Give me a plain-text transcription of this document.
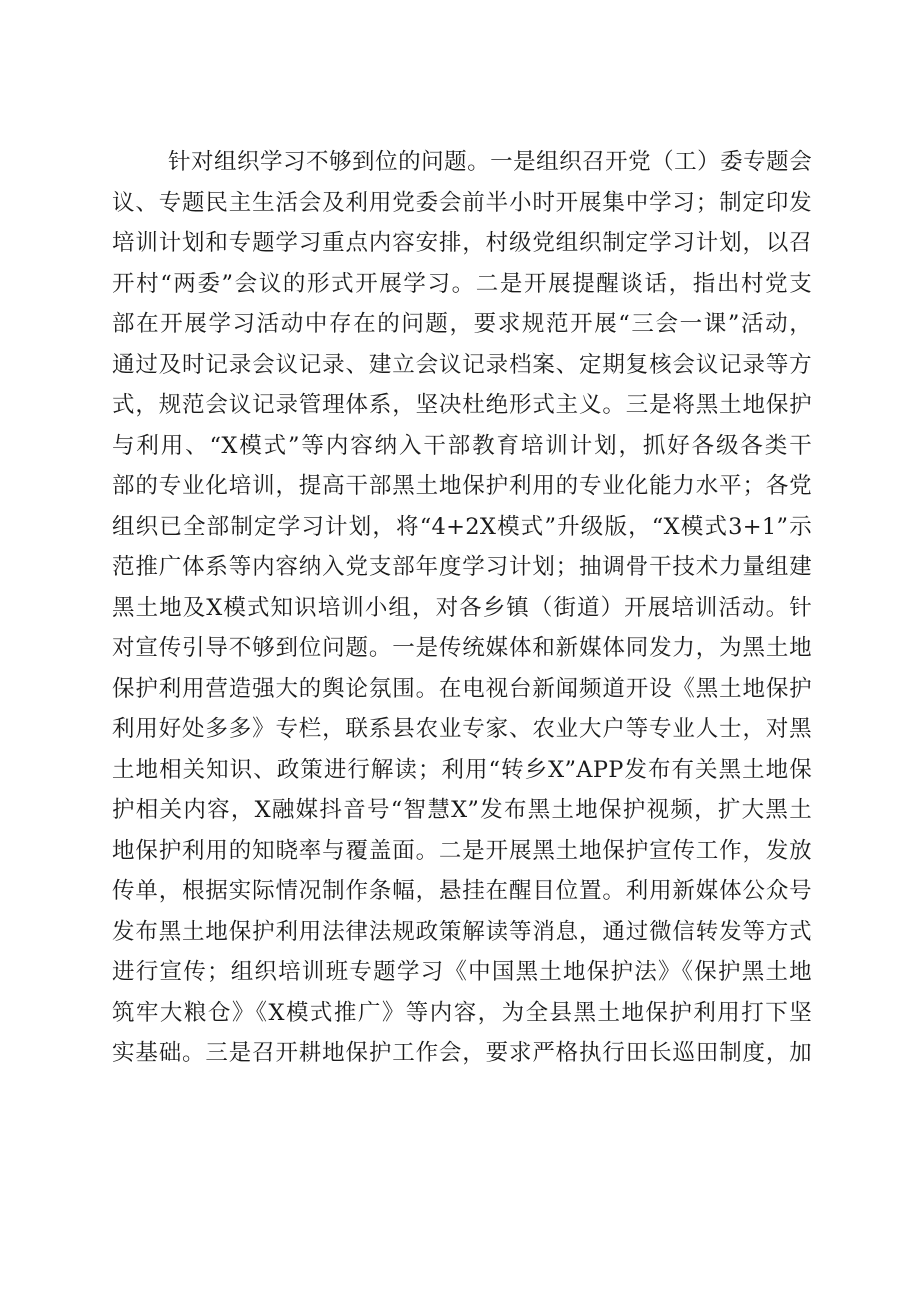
针对组织学习不够到位的问题。一是组织召开党（工）委专题会
议、专题民主生活会及利用党委会前半小时开展集中学习；制定印发
培训计划和专题学习重点内容安排，村级党组织制定学习计划，以召
开村“两委”会议的形式开展学习。二是开展提醒谈话，指出村党支
部在开展学习活动中存在的问题，要求规范开展“三会一课”活动，
通过及时记录会议记录、建立会议记录档案、定期复核会议记录等方
式，规范会议记录管理体系，坚决杜绝形式主义。三是将黑土地保护
与利用、“X模式”等内容纳入干部教育培训计划，抓好各级各类干
部的专业化培训，提高干部黑土地保护利用的专业化能力水平；各党
组织已全部制定学习计划，将“4+2X模式”升级版，“X模式3+1”示
范推广体系等内容纳入党支部年度学习计划；抽调骨干技术力量组建
黑土地及X模式知识培训小组，对各乡镇（街道）开展培训活动。针
对宣传引导不够到位问题。一是传统媒体和新媒体同发力，为黑土地
保护利用营造强大的舆论氛围。在电视台新闻频道开设《黑土地保护
利用好处多多》专栏，联系县农业专家、农业大户等专业人士，对黑
土地相关知识、政策进行解读；利用“转乡X”APP发布有关黑土地保
护相关内容，X融媒抖音号“智慧X”发布黑土地保护视频，扩大黑土
地保护利用的知晓率与覆盖面。二是开展黑土地保护宣传工作，发放
传单，根据实际情况制作条幅，悬挂在醒目位置。利用新媒体公众号
发布黑土地保护利用法律法规政策解读等消息，通过微信转发等方式
进行宣传；组织培训班专题学习《中国黑土地保护法》《保护黑土地
筑牢大粮仓》《X模式推广》等内容，为全县黑土地保护利用打下坚
实基础。三是召开耕地保护工作会，要求严格执行田长巡田制度，加
